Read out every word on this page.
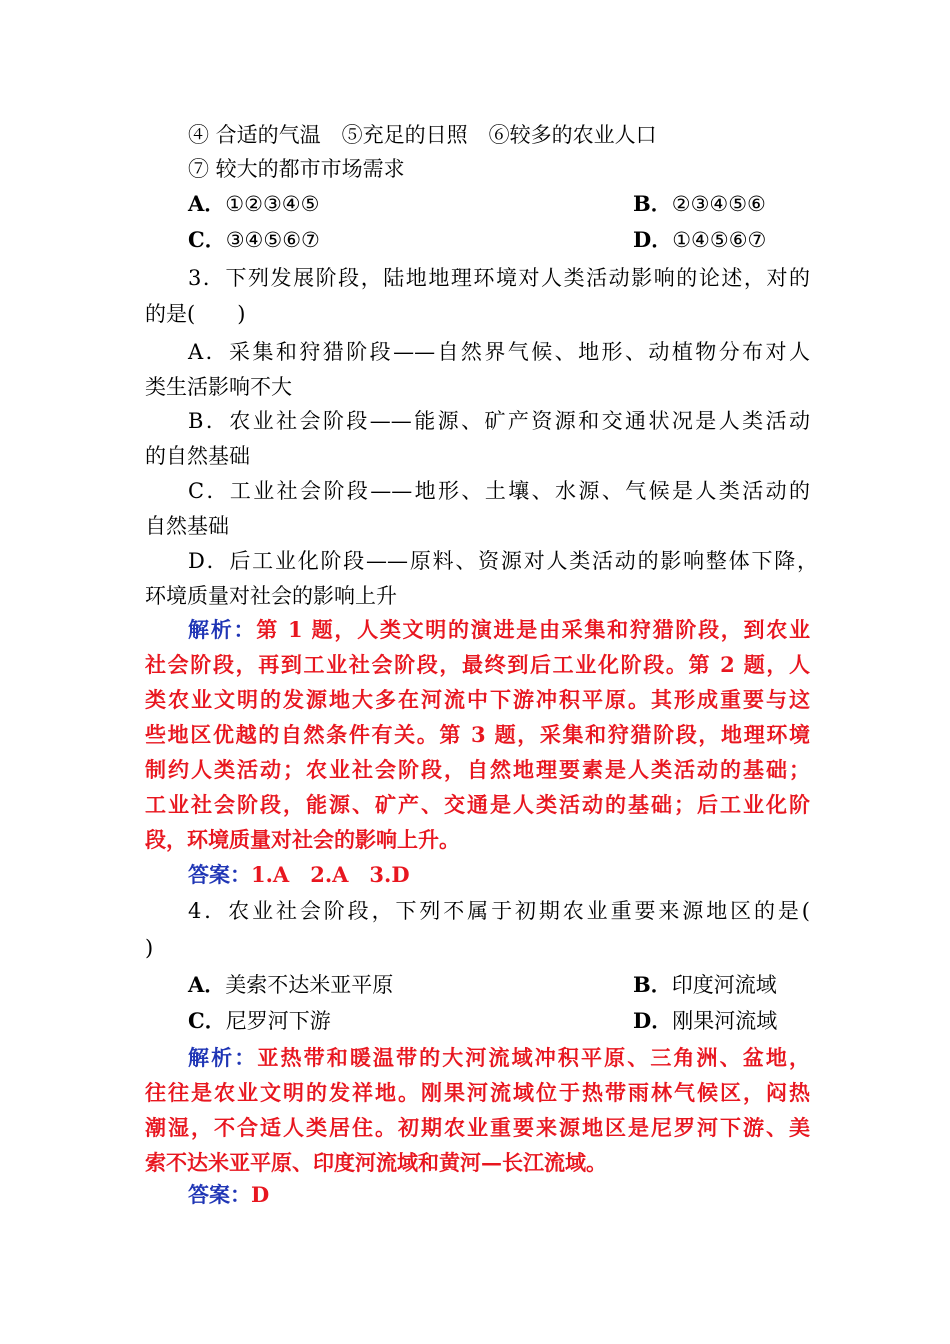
④ 合适的气温　⑤充足的日照　⑥较多的农业人口
⑦ 较大的都市市场需求
A．①②③④⑤	B．②③④⑤⑥
C．③④⑤⑥⑦	D．①④⑤⑥⑦
3．下列发展阶段，陆地地理环境对人类活动影响的论述，对的
的是(　　)
A．采集和狩猎阶段——自然界气候、地形、动植物分布对人
类生活影响不大
B．农业社会阶段——能源、矿产资源和交通状况是人类活动
的自然基础
C．工业社会阶段——地形、土壤、水源、气候是人类活动的
自然基础
D．后工业化阶段——原料、资源对人类活动的影响整体下降，
环境质量对社会的影响上升
解析：第 1 题，人类文明的演进是由采集和狩猎阶段，到农业
社会阶段，再到工业社会阶段，最终到后工业化阶段。第 2 题，人
类农业文明的发源地大多在河流中下游冲积平原。其形成重要与这
些地区优越的自然条件有关。第 3 题，采集和狩猎阶段，地理环境
制约人类活动；农业社会阶段，自然地理要素是人类活动的基础；
工业社会阶段，能源、矿产、交通是人类活动的基础；后工业化阶
段，环境质量对社会的影响上升。
答案：1.A　2.A　3.D
4．农业社会阶段，下列不属于初期农业重要来源地区的是(
)
A．美索不达米亚平原	B．印度河流域
C．尼罗河下游	D．刚果河流域
解析：亚热带和暖温带的大河流域冲积平原、三角洲、盆地，
往往是农业文明的发祥地。刚果河流域位于热带雨林气候区，闷热
潮湿，不合适人类居住。初期农业重要来源地区是尼罗河下游、美
索不达米亚平原、印度河流域和黄河—长江流域。
答案：D
